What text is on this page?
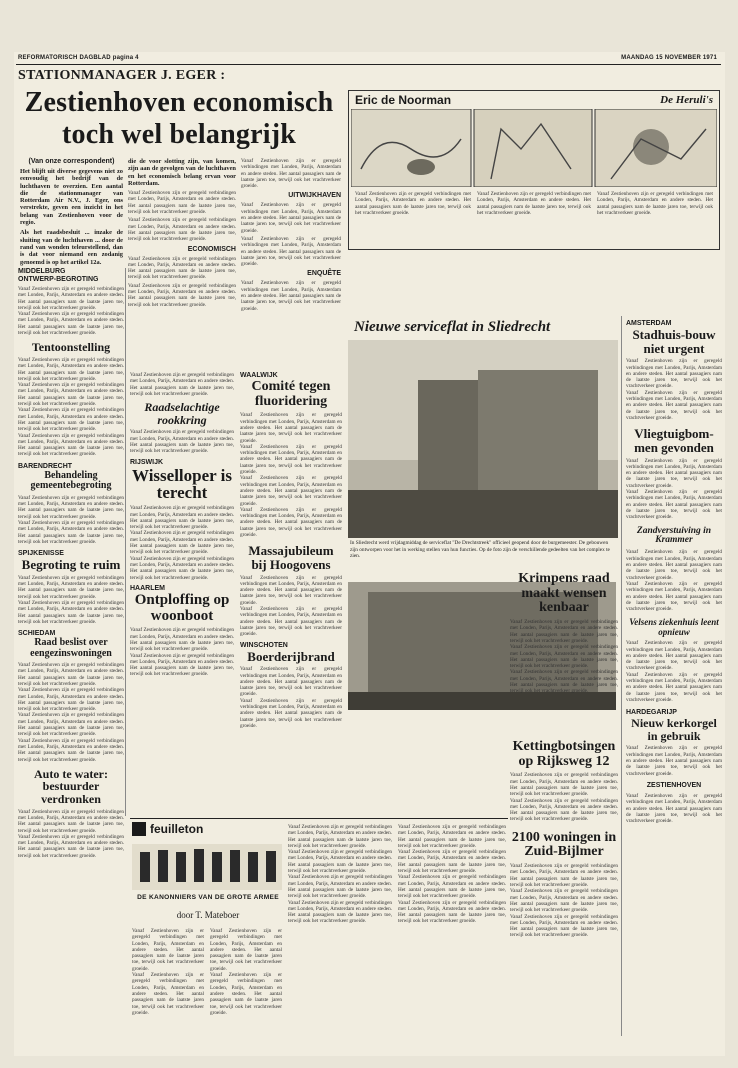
REFORMATORISCH DAGBLAD pagina 4	MAANDAG 15 NOVEMBER 1971
STATIONMANAGER J. EGER :
Zestienhoven economisch
toch wel belangrijk
(Van onze correspondent)
Het blijft uit diverse gegevens niet zo eenvoudig het bedrijf van de luchthaven te overzien. Een aantal die de stationmanager van Rotterdam Air N.V., J. Eger, ons verstrekte, geven een inzicht in het belang van Zestienhoven voor de regio.
Als het raadsbesluit ... inzake de sluiting van de luchthaven ... door de rand van wonden teleurstellend, dan is dat voor niemand een zodanig genoemd is op het artikel 12a.
die de voor slotting zijn, van komen, zijn aan de gevolgen van de luchthaven en het economisch belang ervan voor Rotterdam.
Vanaf Zestienhoven zijn er geregeld verbindingen met Londen, Parijs, Amsterdam en andere steden. Het aantal passagiers nam de laatste jaren toe, terwijl ook het vrachtverkeer groeide.
Vanaf Zestienhoven zijn er geregeld verbindingen met Londen, Parijs, Amsterdam en andere steden. Het aantal passagiers nam de laatste jaren toe, terwijl ook het vrachtverkeer groeide.
ECONOMISCH
Vanaf Zestienhoven zijn er geregeld verbindingen met Londen, Parijs, Amsterdam en andere steden. Het aantal passagiers nam de laatste jaren toe, terwijl ook het vrachtverkeer groeide.
Vanaf Zestienhoven zijn er geregeld verbindingen met Londen, Parijs, Amsterdam en andere steden. Het aantal passagiers nam de laatste jaren toe, terwijl ook het vrachtverkeer groeide.
Vanaf Zestienhoven zijn er geregeld verbindingen met Londen, Parijs, Amsterdam en andere steden. Het aantal passagiers nam de laatste jaren toe, terwijl ook het vrachtverkeer groeide.
UITWIJKHAVEN
Vanaf Zestienhoven zijn er geregeld verbindingen met Londen, Parijs, Amsterdam en andere steden. Het aantal passagiers nam de laatste jaren toe, terwijl ook het vrachtverkeer groeide.
Vanaf Zestienhoven zijn er geregeld verbindingen met Londen, Parijs, Amsterdam en andere steden. Het aantal passagiers nam de laatste jaren toe, terwijl ook het vrachtverkeer groeide.
ENQUÊTE
Vanaf Zestienhoven zijn er geregeld verbindingen met Londen, Parijs, Amsterdam en andere steden. Het aantal passagiers nam de laatste jaren toe, terwijl ook het vrachtverkeer groeide.
MIDDELBURG
ONTWERP-BEGROTING
Vanaf Zestienhoven zijn er geregeld verbindingen met Londen, Parijs, Amsterdam en andere steden. Het aantal passagiers nam de laatste jaren toe, terwijl ook het vrachtverkeer groeide.
Vanaf Zestienhoven zijn er geregeld verbindingen met Londen, Parijs, Amsterdam en andere steden. Het aantal passagiers nam de laatste jaren toe, terwijl ook het vrachtverkeer groeide.
Tentoonstelling
Vanaf Zestienhoven zijn er geregeld verbindingen met Londen, Parijs, Amsterdam en andere steden. Het aantal passagiers nam de laatste jaren toe, terwijl ook het vrachtverkeer groeide.
Vanaf Zestienhoven zijn er geregeld verbindingen met Londen, Parijs, Amsterdam en andere steden. Het aantal passagiers nam de laatste jaren toe, terwijl ook het vrachtverkeer groeide.
Vanaf Zestienhoven zijn er geregeld verbindingen met Londen, Parijs, Amsterdam en andere steden. Het aantal passagiers nam de laatste jaren toe, terwijl ook het vrachtverkeer groeide.
Vanaf Zestienhoven zijn er geregeld verbindingen met Londen, Parijs, Amsterdam en andere steden. Het aantal passagiers nam de laatste jaren toe, terwijl ook het vrachtverkeer groeide.
BARENDRECHT
Behandeling gemeentebegroting
Vanaf Zestienhoven zijn er geregeld verbindingen met Londen, Parijs, Amsterdam en andere steden. Het aantal passagiers nam de laatste jaren toe, terwijl ook het vrachtverkeer groeide.
Vanaf Zestienhoven zijn er geregeld verbindingen met Londen, Parijs, Amsterdam en andere steden. Het aantal passagiers nam de laatste jaren toe, terwijl ook het vrachtverkeer groeide.
SPIJKENISSE
Begroting te ruim
Vanaf Zestienhoven zijn er geregeld verbindingen met Londen, Parijs, Amsterdam en andere steden. Het aantal passagiers nam de laatste jaren toe, terwijl ook het vrachtverkeer groeide.
Vanaf Zestienhoven zijn er geregeld verbindingen met Londen, Parijs, Amsterdam en andere steden. Het aantal passagiers nam de laatste jaren toe, terwijl ook het vrachtverkeer groeide.
SCHIEDAM
Raad beslist over eengezinswoningen
Vanaf Zestienhoven zijn er geregeld verbindingen met Londen, Parijs, Amsterdam en andere steden. Het aantal passagiers nam de laatste jaren toe, terwijl ook het vrachtverkeer groeide.
Vanaf Zestienhoven zijn er geregeld verbindingen met Londen, Parijs, Amsterdam en andere steden. Het aantal passagiers nam de laatste jaren toe, terwijl ook het vrachtverkeer groeide.
Vanaf Zestienhoven zijn er geregeld verbindingen met Londen, Parijs, Amsterdam en andere steden. Het aantal passagiers nam de laatste jaren toe, terwijl ook het vrachtverkeer groeide.
Vanaf Zestienhoven zijn er geregeld verbindingen met Londen, Parijs, Amsterdam en andere steden. Het aantal passagiers nam de laatste jaren toe, terwijl ook het vrachtverkeer groeide.
Auto te water: bestuurder verdronken
Vanaf Zestienhoven zijn er geregeld verbindingen met Londen, Parijs, Amsterdam en andere steden. Het aantal passagiers nam de laatste jaren toe, terwijl ook het vrachtverkeer groeide.
Vanaf Zestienhoven zijn er geregeld verbindingen met Londen, Parijs, Amsterdam en andere steden. Het aantal passagiers nam de laatste jaren toe, terwijl ook het vrachtverkeer groeide.
Vanaf Zestienhoven zijn er geregeld verbindingen met Londen, Parijs, Amsterdam en andere steden. Het aantal passagiers nam de laatste jaren toe, terwijl ook het vrachtverkeer groeide.
Raadselachtige rookkring
Vanaf Zestienhoven zijn er geregeld verbindingen met Londen, Parijs, Amsterdam en andere steden. Het aantal passagiers nam de laatste jaren toe, terwijl ook het vrachtverkeer groeide.
RIJSWIJK
Wisselloper is terecht
Vanaf Zestienhoven zijn er geregeld verbindingen met Londen, Parijs, Amsterdam en andere steden. Het aantal passagiers nam de laatste jaren toe, terwijl ook het vrachtverkeer groeide.
Vanaf Zestienhoven zijn er geregeld verbindingen met Londen, Parijs, Amsterdam en andere steden. Het aantal passagiers nam de laatste jaren toe, terwijl ook het vrachtverkeer groeide.
Vanaf Zestienhoven zijn er geregeld verbindingen met Londen, Parijs, Amsterdam en andere steden. Het aantal passagiers nam de laatste jaren toe, terwijl ook het vrachtverkeer groeide.
HAARLEM
Ontploffing op woonboot
Vanaf Zestienhoven zijn er geregeld verbindingen met Londen, Parijs, Amsterdam en andere steden. Het aantal passagiers nam de laatste jaren toe, terwijl ook het vrachtverkeer groeide.
Vanaf Zestienhoven zijn er geregeld verbindingen met Londen, Parijs, Amsterdam en andere steden. Het aantal passagiers nam de laatste jaren toe, terwijl ook het vrachtverkeer groeide.
WAALWIJK
Comité tegen fluoridering
Vanaf Zestienhoven zijn er geregeld verbindingen met Londen, Parijs, Amsterdam en andere steden. Het aantal passagiers nam de laatste jaren toe, terwijl ook het vrachtverkeer groeide.
Vanaf Zestienhoven zijn er geregeld verbindingen met Londen, Parijs, Amsterdam en andere steden. Het aantal passagiers nam de laatste jaren toe, terwijl ook het vrachtverkeer groeide.
Vanaf Zestienhoven zijn er geregeld verbindingen met Londen, Parijs, Amsterdam en andere steden. Het aantal passagiers nam de laatste jaren toe, terwijl ook het vrachtverkeer groeide.
Vanaf Zestienhoven zijn er geregeld verbindingen met Londen, Parijs, Amsterdam en andere steden. Het aantal passagiers nam de laatste jaren toe, terwijl ook het vrachtverkeer groeide.
Massajubileum bij Hoogovens
Vanaf Zestienhoven zijn er geregeld verbindingen met Londen, Parijs, Amsterdam en andere steden. Het aantal passagiers nam de laatste jaren toe, terwijl ook het vrachtverkeer groeide.
Vanaf Zestienhoven zijn er geregeld verbindingen met Londen, Parijs, Amsterdam en andere steden. Het aantal passagiers nam de laatste jaren toe, terwijl ook het vrachtverkeer groeide.
WINSCHOTEN
Boerderijbrand
Vanaf Zestienhoven zijn er geregeld verbindingen met Londen, Parijs, Amsterdam en andere steden. Het aantal passagiers nam de laatste jaren toe, terwijl ook het vrachtverkeer groeide.
Vanaf Zestienhoven zijn er geregeld verbindingen met Londen, Parijs, Amsterdam en andere steden. Het aantal passagiers nam de laatste jaren toe, terwijl ook het vrachtverkeer groeide.
Eric de Noorman	De Heruli's
Vanaf Zestienhoven zijn er geregeld verbindingen met Londen, Parijs, Amsterdam en andere steden. Het aantal passagiers nam de laatste jaren toe, terwijl ook het vrachtverkeer groeide.
Vanaf Zestienhoven zijn er geregeld verbindingen met Londen, Parijs, Amsterdam en andere steden. Het aantal passagiers nam de laatste jaren toe, terwijl ook het vrachtverkeer groeide.
Vanaf Zestienhoven zijn er geregeld verbindingen met Londen, Parijs, Amsterdam en andere steden. Het aantal passagiers nam de laatste jaren toe, terwijl ook het vrachtverkeer groeide.
Nieuwe serviceflat in Sliedrecht
In Sliedrecht werd vrijdagmiddag de serviceflat "De Drechtstreek" officieel geopend door de burgemeester. De gebouwen zijn ontworpen voor het in werking stellen van hun functies. Op de foto zijn de verschillende gedeelten van het complex te zien.
Krimpens raad maakt wensen kenbaar
Vanaf Zestienhoven zijn er geregeld verbindingen met Londen, Parijs, Amsterdam en andere steden. Het aantal passagiers nam de laatste jaren toe, terwijl ook het vrachtverkeer groeide.
Vanaf Zestienhoven zijn er geregeld verbindingen met Londen, Parijs, Amsterdam en andere steden. Het aantal passagiers nam de laatste jaren toe, terwijl ook het vrachtverkeer groeide.
Vanaf Zestienhoven zijn er geregeld verbindingen met Londen, Parijs, Amsterdam en andere steden. Het aantal passagiers nam de laatste jaren toe, terwijl ook het vrachtverkeer groeide.
Kettingbotsingen op Rijksweg 12
Vanaf Zestienhoven zijn er geregeld verbindingen met Londen, Parijs, Amsterdam en andere steden. Het aantal passagiers nam de laatste jaren toe, terwijl ook het vrachtverkeer groeide.
Vanaf Zestienhoven zijn er geregeld verbindingen met Londen, Parijs, Amsterdam en andere steden. Het aantal passagiers nam de laatste jaren toe, terwijl ook het vrachtverkeer groeide.
2100 woningen in Zuid-Bijlmer
Vanaf Zestienhoven zijn er geregeld verbindingen met Londen, Parijs, Amsterdam en andere steden. Het aantal passagiers nam de laatste jaren toe, terwijl ook het vrachtverkeer groeide.
Vanaf Zestienhoven zijn er geregeld verbindingen met Londen, Parijs, Amsterdam en andere steden. Het aantal passagiers nam de laatste jaren toe, terwijl ook het vrachtverkeer groeide.
Vanaf Zestienhoven zijn er geregeld verbindingen met Londen, Parijs, Amsterdam en andere steden. Het aantal passagiers nam de laatste jaren toe, terwijl ook het vrachtverkeer groeide.
AMSTERDAM
Stadhuis-bouw niet urgent
Vanaf Zestienhoven zijn er geregeld verbindingen met Londen, Parijs, Amsterdam en andere steden. Het aantal passagiers nam de laatste jaren toe, terwijl ook het vrachtverkeer groeide.
Vanaf Zestienhoven zijn er geregeld verbindingen met Londen, Parijs, Amsterdam en andere steden. Het aantal passagiers nam de laatste jaren toe, terwijl ook het vrachtverkeer groeide.
Vliegtuigbom-men gevonden
Vanaf Zestienhoven zijn er geregeld verbindingen met Londen, Parijs, Amsterdam en andere steden. Het aantal passagiers nam de laatste jaren toe, terwijl ook het vrachtverkeer groeide.
Vanaf Zestienhoven zijn er geregeld verbindingen met Londen, Parijs, Amsterdam en andere steden. Het aantal passagiers nam de laatste jaren toe, terwijl ook het vrachtverkeer groeide.
Zandverstuiving in Krammer
Vanaf Zestienhoven zijn er geregeld verbindingen met Londen, Parijs, Amsterdam en andere steden. Het aantal passagiers nam de laatste jaren toe, terwijl ook het vrachtverkeer groeide.
Vanaf Zestienhoven zijn er geregeld verbindingen met Londen, Parijs, Amsterdam en andere steden. Het aantal passagiers nam de laatste jaren toe, terwijl ook het vrachtverkeer groeide.
Velsens ziekenhuis leent opnieuw
Vanaf Zestienhoven zijn er geregeld verbindingen met Londen, Parijs, Amsterdam en andere steden. Het aantal passagiers nam de laatste jaren toe, terwijl ook het vrachtverkeer groeide.
Vanaf Zestienhoven zijn er geregeld verbindingen met Londen, Parijs, Amsterdam en andere steden. Het aantal passagiers nam de laatste jaren toe, terwijl ook het vrachtverkeer groeide.
HARDEGARIJP
Nieuw kerkorgel in gebruik
Vanaf Zestienhoven zijn er geregeld verbindingen met Londen, Parijs, Amsterdam en andere steden. Het aantal passagiers nam de laatste jaren toe, terwijl ook het vrachtverkeer groeide.
ZESTIENHOVEN
Vanaf Zestienhoven zijn er geregeld verbindingen met Londen, Parijs, Amsterdam en andere steden. Het aantal passagiers nam de laatste jaren toe, terwijl ook het vrachtverkeer groeide.
feuilleton
DE KANONNIERS VAN DE GROTE ARMEE
door T. Mateboer
Vanaf Zestienhoven zijn er geregeld verbindingen met Londen, Parijs, Amsterdam en andere steden. Het aantal passagiers nam de laatste jaren toe, terwijl ook het vrachtverkeer groeide.
Vanaf Zestienhoven zijn er geregeld verbindingen met Londen, Parijs, Amsterdam en andere steden. Het aantal passagiers nam de laatste jaren toe, terwijl ook het vrachtverkeer groeide.
Vanaf Zestienhoven zijn er geregeld verbindingen met Londen, Parijs, Amsterdam en andere steden. Het aantal passagiers nam de laatste jaren toe, terwijl ook het vrachtverkeer groeide.
Vanaf Zestienhoven zijn er geregeld verbindingen met Londen, Parijs, Amsterdam en andere steden. Het aantal passagiers nam de laatste jaren toe, terwijl ook het vrachtverkeer groeide.
Vanaf Zestienhoven zijn er geregeld verbindingen met Londen, Parijs, Amsterdam en andere steden. Het aantal passagiers nam de laatste jaren toe, terwijl ook het vrachtverkeer groeide.
Vanaf Zestienhoven zijn er geregeld verbindingen met Londen, Parijs, Amsterdam en andere steden. Het aantal passagiers nam de laatste jaren toe, terwijl ook het vrachtverkeer groeide.
Vanaf Zestienhoven zijn er geregeld verbindingen met Londen, Parijs, Amsterdam en andere steden. Het aantal passagiers nam de laatste jaren toe, terwijl ook het vrachtverkeer groeide.
Vanaf Zestienhoven zijn er geregeld verbindingen met Londen, Parijs, Amsterdam en andere steden. Het aantal passagiers nam de laatste jaren toe, terwijl ook het vrachtverkeer groeide.
Vanaf Zestienhoven zijn er geregeld verbindingen met Londen, Parijs, Amsterdam en andere steden. Het aantal passagiers nam de laatste jaren toe, terwijl ook het vrachtverkeer groeide.
Vanaf Zestienhoven zijn er geregeld verbindingen met Londen, Parijs, Amsterdam en andere steden. Het aantal passagiers nam de laatste jaren toe, terwijl ook het vrachtverkeer groeide.
Vanaf Zestienhoven zijn er geregeld verbindingen met Londen, Parijs, Amsterdam en andere steden. Het aantal passagiers nam de laatste jaren toe, terwijl ook het vrachtverkeer groeide.
Vanaf Zestienhoven zijn er geregeld verbindingen met Londen, Parijs, Amsterdam en andere steden. Het aantal passagiers nam de laatste jaren toe, terwijl ook het vrachtverkeer groeide.
